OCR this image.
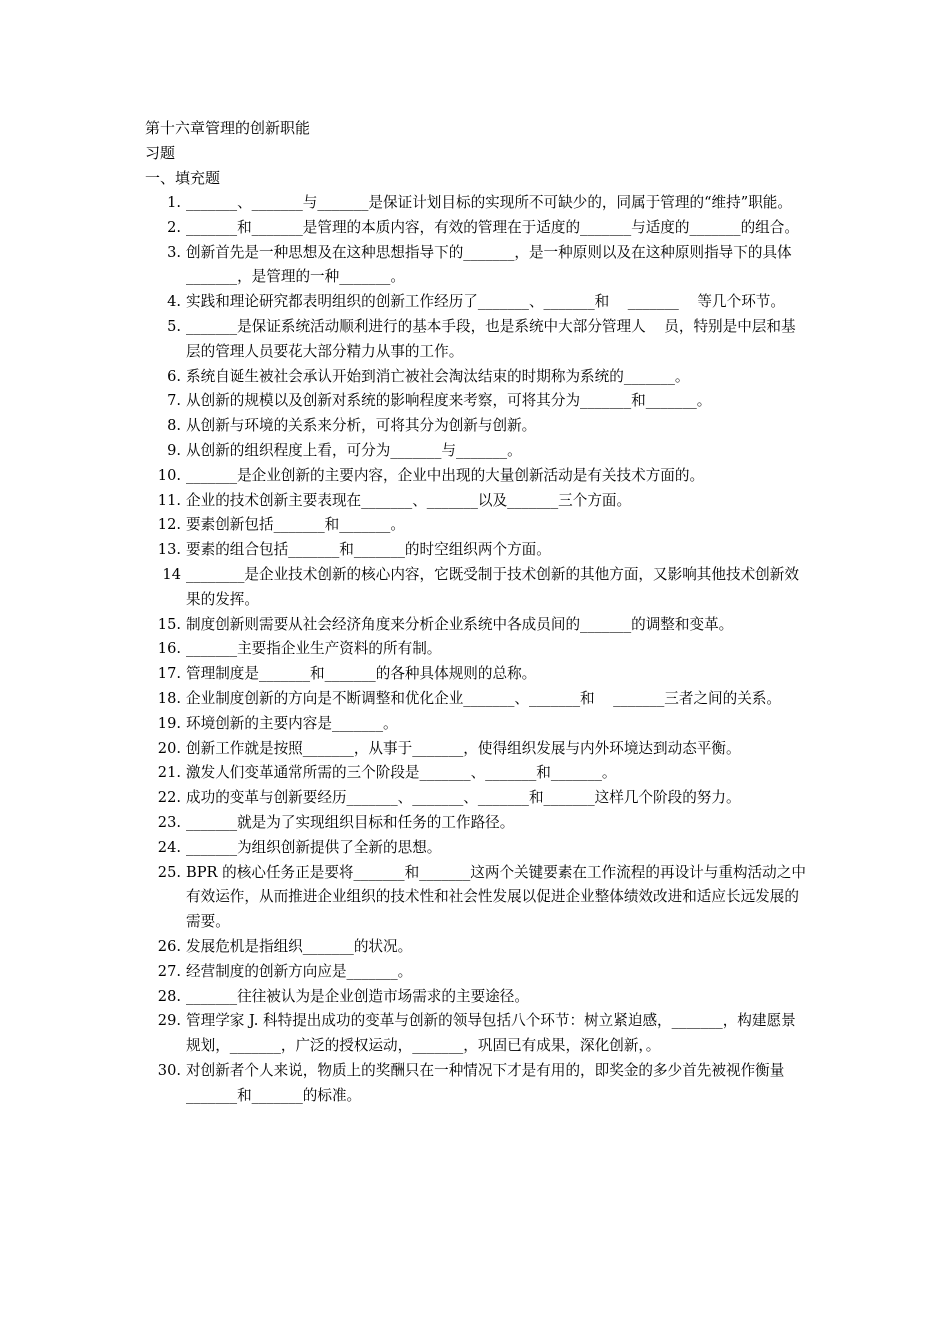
第十六章管理的创新职能
习题
一、填充题
1. _______、_______与_______是保证计划目标的实现所不可缺少的，同属于管理的“维持”职能。
2. _______和_______是管理的本质内容，有效的管理在于适度的_______与适度的_______的组合。
3. 创新首先是一种思想及在这种思想指导下的_______，是一种原则以及在这种原则指导下的具体_______，是管理的一种_______。
4. 实践和理论研究都表明组织的创新工作经历了_______、_______和    _______    等几个环节。
5. _______是保证系统活动顺利进行的基本手段，也是系统中大部分管理人    员，特别是中层和基层的管理人员要花大部分精力从事的工作。
6. 系统自诞生被社会承认开始到消亡被社会淘汰结束的时期称为系统的_______。
7. 从创新的规模以及创新对系统的影响程度来考察，可将其分为_______和_______。
8. 从创新与环境的关系来分析，可将其分为创新与创新。
9. 从创新的组织程度上看，可分为_______与_______。
10. _______是企业创新的主要内容，企业中出现的大量创新活动是有关技术方面的。
11. 企业的技术创新主要表现在_______、_______以及_______三个方面。
12. 要素创新包括_______和_______。
13. 要素的组合包括_______和_______的时空组织两个方面。
14 ________是企业技术创新的核心内容，它既受制于技术创新的其他方面，又影响其他技术创新效果的发挥。
15. 制度创新则需要从社会经济角度来分析企业系统中各成员间的_______的调整和变革。
16. _______主要指企业生产资料的所有制。
17. 管理制度是_______和_______的各种具体规则的总称。
18. 企业制度创新的方向是不断调整和优化企业_______、_______和    _______三者之间的关系。
19. 环境创新的主要内容是_______。
20. 创新工作就是按照_______，从事于_______，使得组织发展与内外环境达到动态平衡。
21. 激发人们变革通常所需的三个阶段是_______、_______和_______。
22. 成功的变革与创新要经历_______、_______、_______和_______这样几个阶段的努力。
23. _______就是为了实现组织目标和任务的工作路径。
24. _______为组织创新提供了全新的思想。
25. BPR 的核心任务正是要将_______和_______这两个关键要素在工作流程的再设计与重构活动之中有效运作，从而推进企业组织的技术性和社会性发展以促进企业整体绩效改进和适应长远发展的需要。
26. 发展危机是指组织_______的状况。
27. 经营制度的创新方向应是_______。
28. _______往往被认为是企业创造市场需求的主要途径。
29. 管理学家 J. 科特提出成功的变革与创新的领导包括八个环节：树立紧迫感，_______，构建愿景规划，_______，广泛的授权运动，_______，巩固已有成果，深化创新，。
30. 对创新者个人来说，物质上的奖酬只在一种情况下才是有用的，即奖金的多少首先被视作衡量_______和_______的标准。
